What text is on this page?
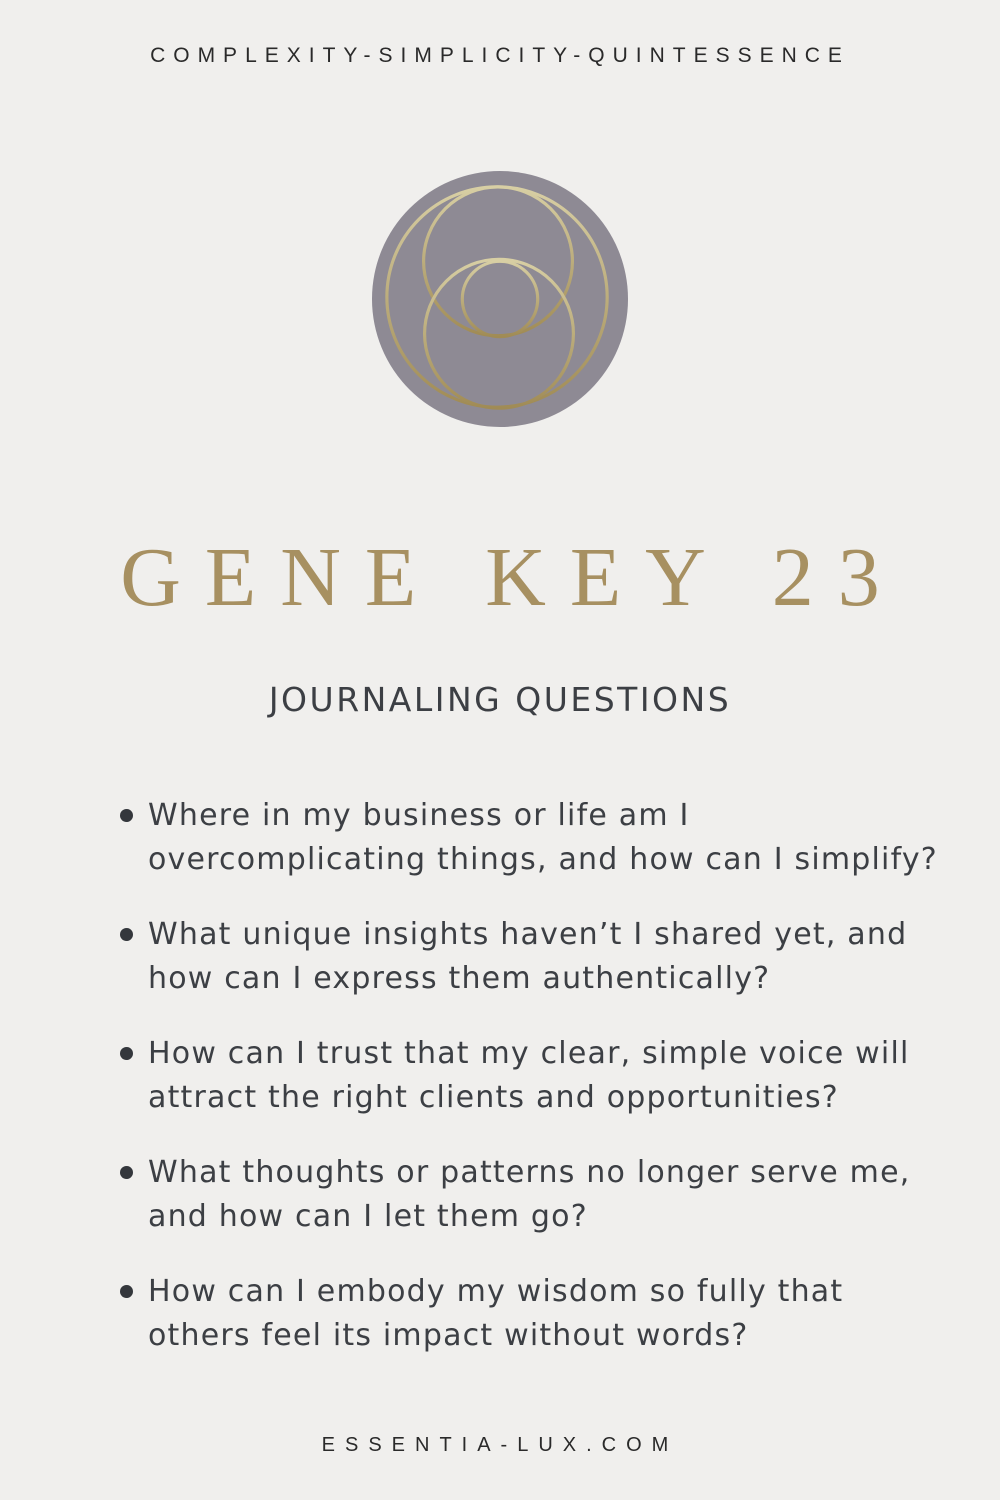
COMPLEXITY-SIMPLICITY-QUINTESSENCE
GENE KEY 23
JOURNALING QUESTIONS
Where in my business or life am I overcomplicating things, and how can I simplify?
What unique insights haven’t I shared yet, and how can I express them authentically?
How can I trust that my clear, simple voice will attract the right clients and opportunities?
What thoughts or patterns no longer serve me, and how can I let them go?
How can I embody my wisdom so fully that others feel its impact without words?
ESSENTIA-LUX.COM
